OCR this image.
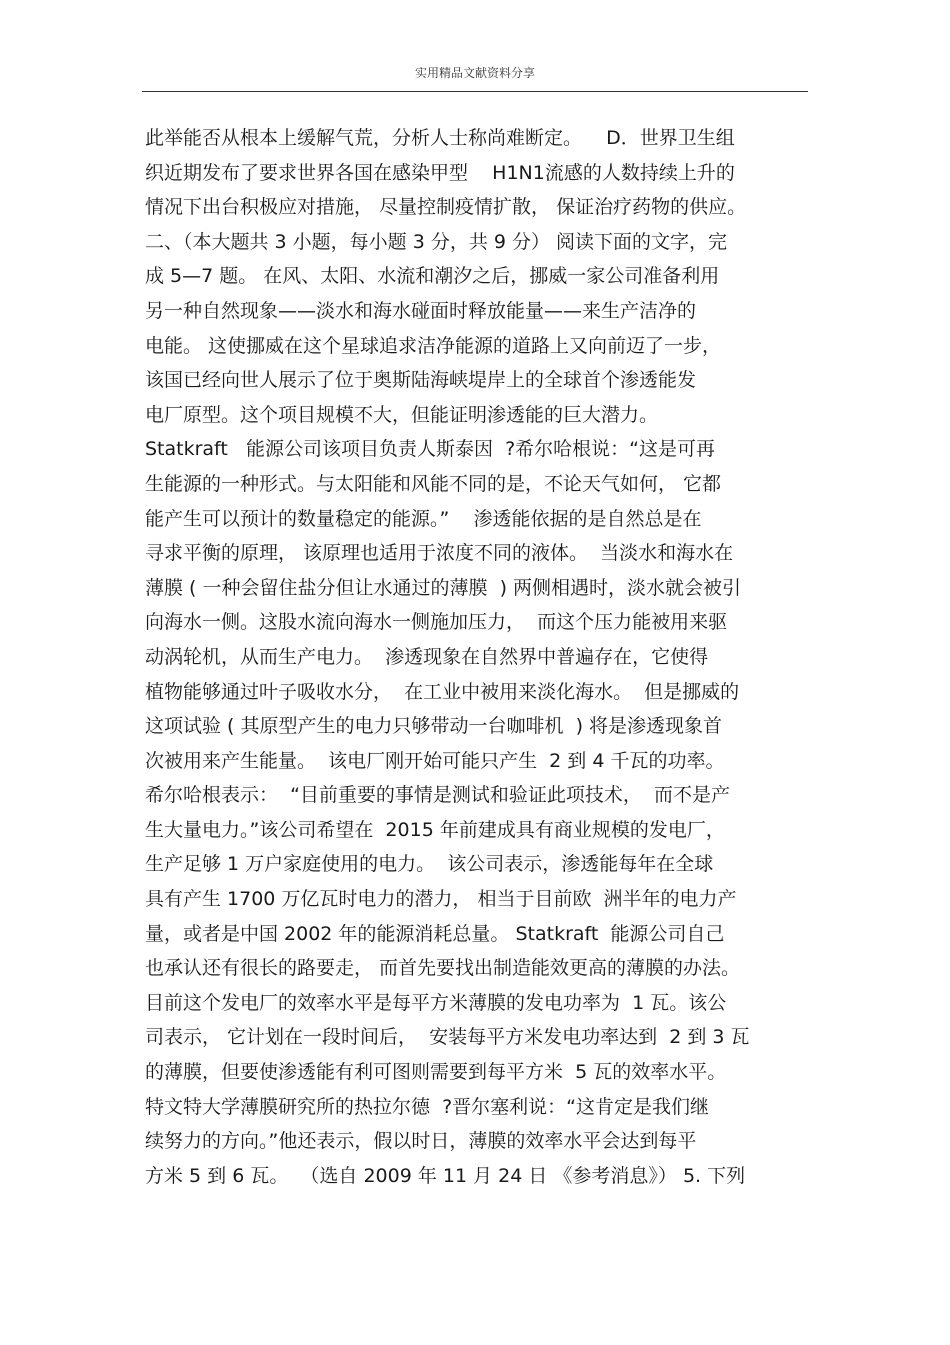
实用精品文献资料分享
此举能否从根本上缓解气荒，分析人士称尚难断定。    D．世界卫生组
织近期发布了要求世界各国在感染甲型    H1N1流感的人数持续上升的
情况下出台积极应对措施， 尽量控制疫情扩散， 保证治疗药物的供应。
二、（本大题共 3 小题，每小题 3 分，共 9 分） 阅读下面的文字，完
成 5—7 题。 在风、太阳、水流和潮汐之后，挪威一家公司准备利用
另一种自然现象——淡水和海水碰面时释放能量——来生产洁净的
电能。 这使挪威在这个星球追求洁净能源的道路上又向前迈了一步，
该国已经向世人展示了位于奥斯陆海峡堤岸上的全球首个渗透能发
电厂原型。这个项目规模不大，但能证明渗透能的巨大潜力。
Statkraft   能源公司该项目负责人斯泰因  ?希尔哈根说：“这是可再
生能源的一种形式。与太阳能和风能不同的是，不论天气如何， 它都
能产生可以预计的数量稳定的能源。”    渗透能依据的是自然总是在
寻求平衡的原理， 该原理也适用于浓度不同的液体。  当淡水和海水在
薄膜 ( 一种会留住盐分但让水通过的薄膜  ) 两侧相遇时，淡水就会被引
向海水一侧。这股水流向海水一侧施加压力，  而这个压力能被用来驱
动涡轮机，从而生产电力。  渗透现象在自然界中普遍存在，它使得
植物能够通过叶子吸收水分，  在工业中被用来淡化海水。  但是挪威的
这项试验 ( 其原型产生的电力只够带动一台咖啡机  ) 将是渗透现象首
次被用来产生能量。  该电厂刚开始可能只产生  2 到 4 千瓦的功率。
希尔哈根表示：  “目前重要的事情是测试和验证此项技术，  而不是产
生大量电力。”该公司希望在  2015 年前建成具有商业规模的发电厂，
生产足够 1 万户家庭使用的电力。  该公司表示，渗透能每年在全球
具有产生 1700 万亿瓦时电力的潜力， 相当于目前欧  洲半年的电力产
量，或者是中国 2002 年的能源消耗总量。 Statkraft  能源公司自己
也承认还有很长的路要走， 而首先要找出制造能效更高的薄膜的办法。
目前这个发电厂的效率水平是每平方米薄膜的发电功率为  1 瓦。该公
司表示， 它计划在一段时间后，  安装每平方米发电功率达到  2 到 3 瓦
的薄膜，但要使渗透能有利可图则需要到每平方米  5 瓦的效率水平。
特文特大学薄膜研究所的热拉尔德  ?晋尔塞利说：“这肯定是我们继
续努力的方向。”他还表示，假以时日，薄膜的效率水平会达到每平
方米 5 到 6 瓦。  （选自 2009 年 11 月 24 日 《参考消息》） 5. 下列
